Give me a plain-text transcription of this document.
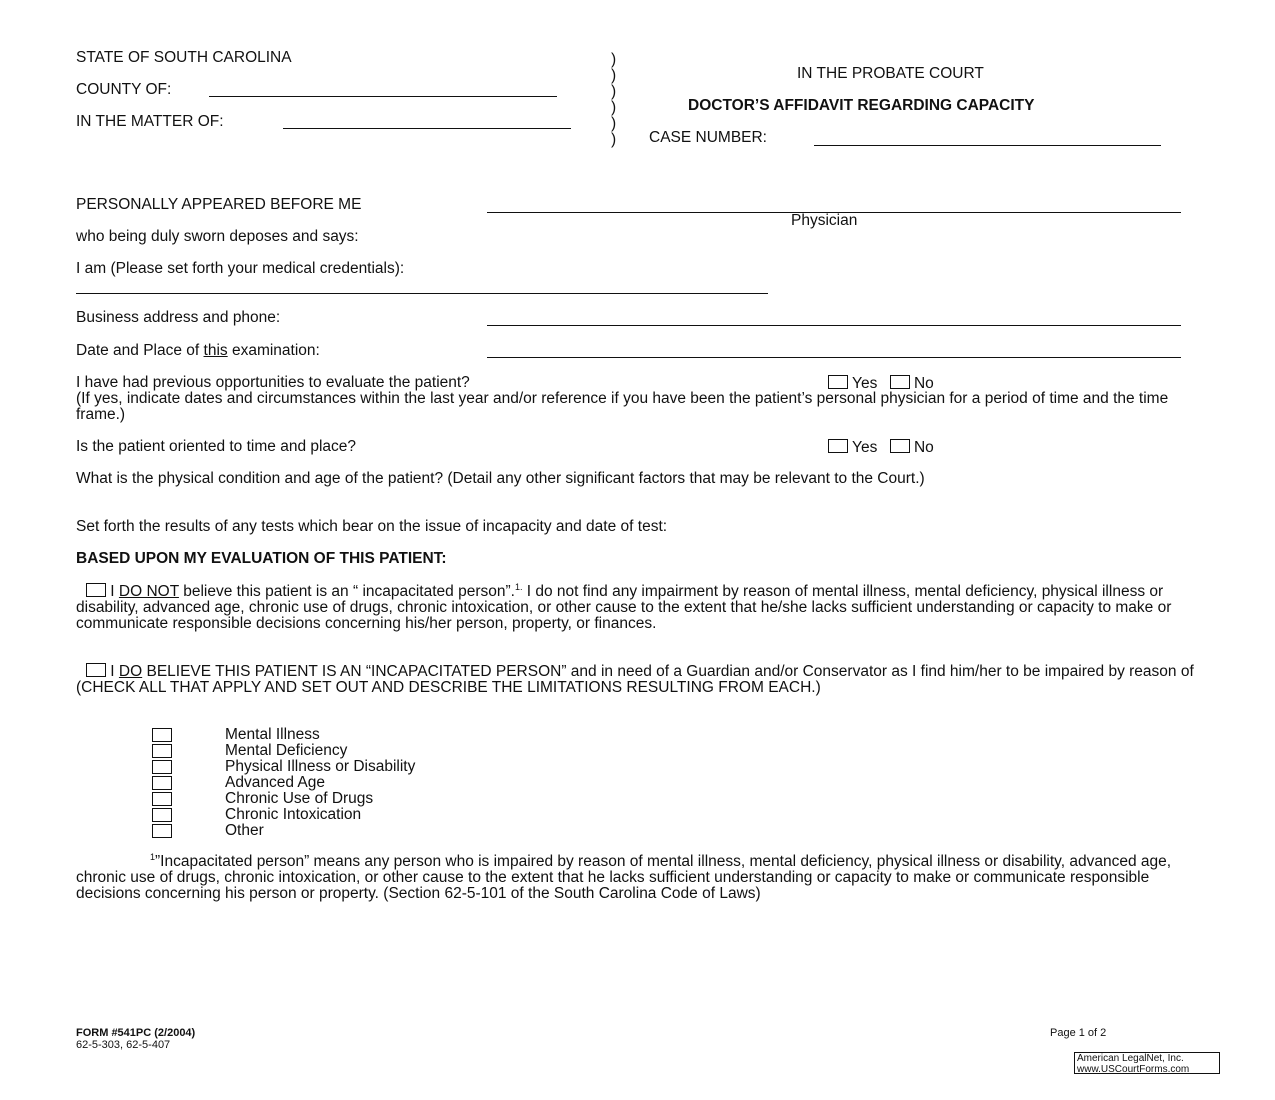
STATE OF SOUTH CAROLINA
COUNTY OF:
IN THE MATTER OF:
)
)
)
)
)
)
IN THE PROBATE COURT
DOCTOR’S AFFIDAVIT REGARDING CAPACITY
CASE NUMBER:
PERSONALLY APPEARED BEFORE ME
Physician
who being duly sworn deposes and says:
I am (Please set forth your medical credentials):
Business address and phone:
Date and Place of this examination:
I have had previous opportunities to evaluate the patient?	Yes No
(If yes, indicate dates and circumstances within the last year and/or reference if you have been the patient’s personal physician for a period of time and the time frame.)
Is the patient oriented to time and place?	Yes No
What is the physical condition and age of the patient? (Detail any other significant factors that may be relevant to the Court.)
Set forth the results of any tests which bear on the issue of incapacity and date of test:
BASED UPON MY EVALUATION OF THIS PATIENT:
I DO NOT believe this patient is an “ incapacitated person”.$^{1.}$ I do not find any impairment by reason of mental illness, mental deficiency, physical illness or disability, advanced age, chronic use of drugs, chronic intoxication, or other cause to the extent that he/she lacks sufficient understanding or capacity to make or communicate responsible decisions concerning his/her person, property, or finances.
I DO BELIEVE THIS PATIENT IS AN “INCAPACITATED PERSON” and in need of a Guardian and/or Conservator as I find him/her to be impaired by reason of (CHECK ALL THAT APPLY AND SET OUT AND DESCRIBE THE LIMITATIONS RESULTING FROM EACH.)
Mental Illness
Mental Deficiency
Physical Illness or Disability
Advanced Age
Chronic Use of Drugs
Chronic Intoxication
Other
$^1$”Incapacitated person” means any person who is impaired by reason of mental illness, mental deficiency, physical illness or disability, advanced age, chronic use of drugs, chronic intoxication, or other cause to the extent that he lacks sufficient understanding or capacity to make or communicate responsible decisions concerning his person or property. (Section 62-5-101 of the South Carolina Code of Laws)
FORM #541PC (2/2004)
62-5-303, 62-5-407
Page 1 of 2
American LegalNet, Inc.
www.USCourtForms.com
